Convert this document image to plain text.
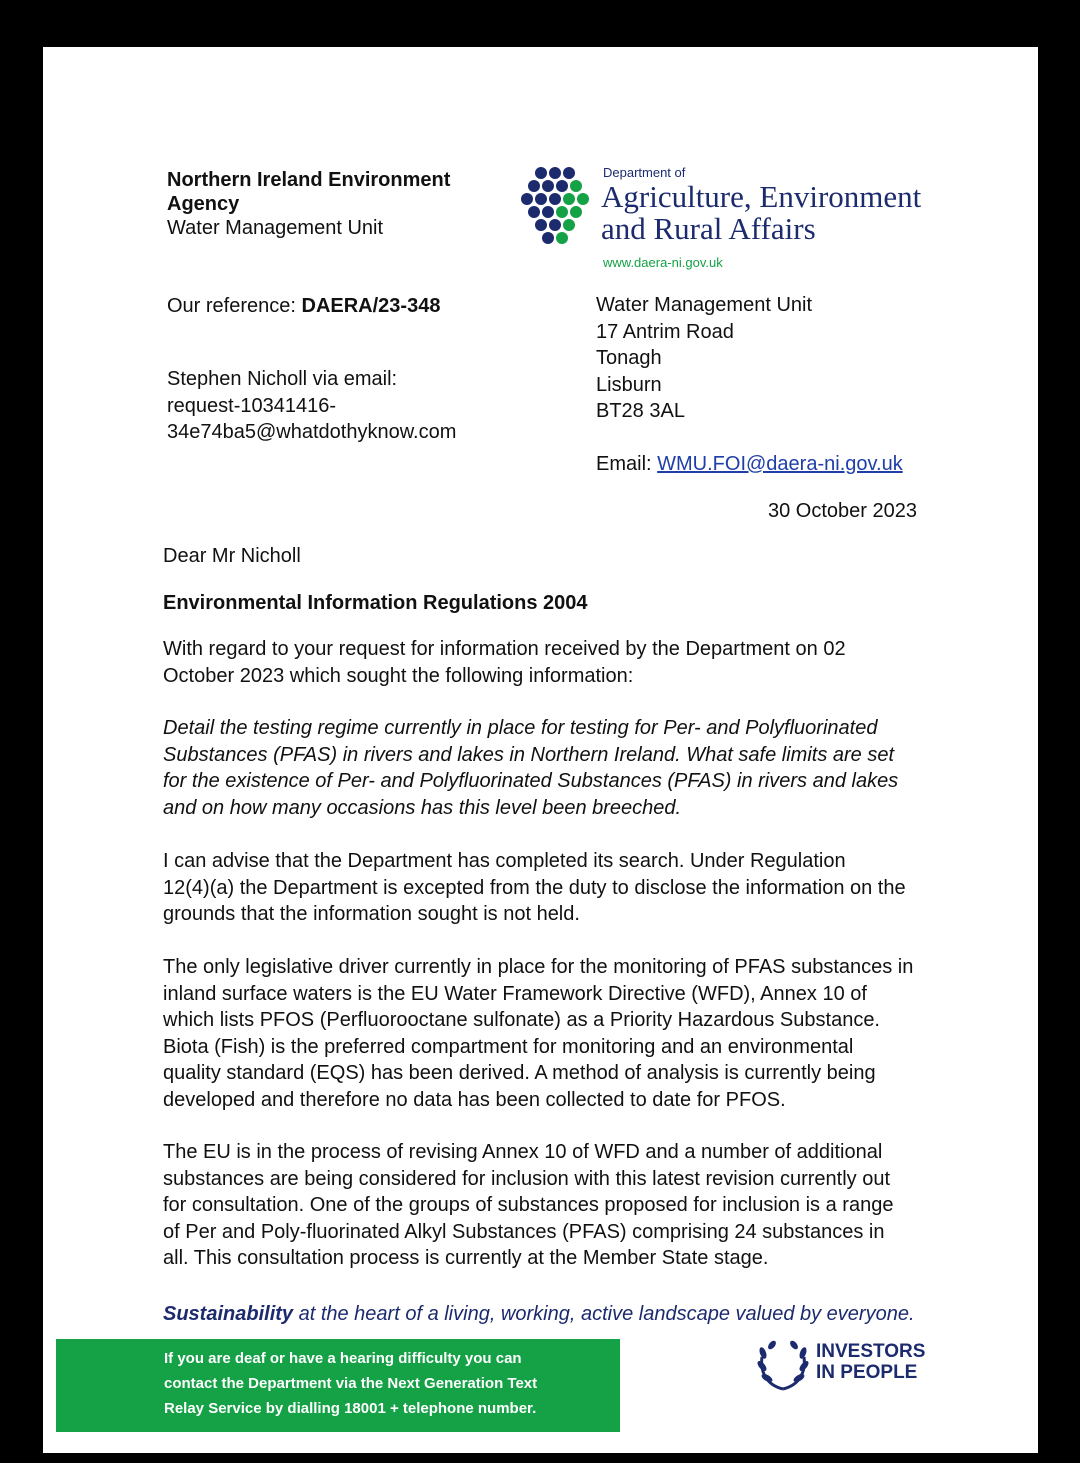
Northern Ireland Environment
Agency
Water Management Unit
Department of
Agriculture, Environment
and Rural Affairs
www.daera-ni.gov.uk
Our reference: DAERA/23-348
Stephen Nicholl via email:
request-10341416-
34e74ba5@whatdothyknow.com
Water Management Unit
17 Antrim Road
Tonagh
Lisburn
BT28 3AL
Email: WMU.FOI@daera-ni.gov.uk
30 October 2023
Dear Mr Nicholl
Environmental Information Regulations 2004
With regard to your request for information received by the Department on 02
October 2023 which sought the following information:
Detail the testing regime currently in place for testing for Per- and Polyfluorinated
Substances (PFAS) in rivers and lakes in Northern Ireland. What safe limits are set
for the existence of Per- and Polyfluorinated Substances (PFAS) in rivers and lakes
and on how many occasions has this level been breeched.
I can advise that the Department has completed its search. Under Regulation
12(4)(a) the Department is excepted from the duty to disclose the information on the
grounds that the information sought is not held.
The only legislative driver currently in place for the monitoring of PFAS substances in
inland surface waters is the EU Water Framework Directive (WFD), Annex 10 of
which lists PFOS (Perfluorooctane sulfonate) as a Priority Hazardous Substance.
Biota (Fish) is the preferred compartment for monitoring and an environmental
quality standard (EQS) has been derived. A method of analysis is currently being
developed and therefore no data has been collected to date for PFOS.
The EU is in the process of revising Annex 10 of WFD and a number of additional
substances are being considered for inclusion with this latest revision currently out
for consultation. One of the groups of substances proposed for inclusion is a range
of Per and Poly-fluorinated Alkyl Substances (PFAS) comprising 24 substances in
all. This consultation process is currently at the Member State stage.
Sustainability at the heart of a living, working, active landscape valued by everyone.
If you are deaf or have a hearing difficulty you can
contact the Department via the Next Generation Text
Relay Service by dialling 18001 + telephone number.
INVESTORS
IN PEOPLE
